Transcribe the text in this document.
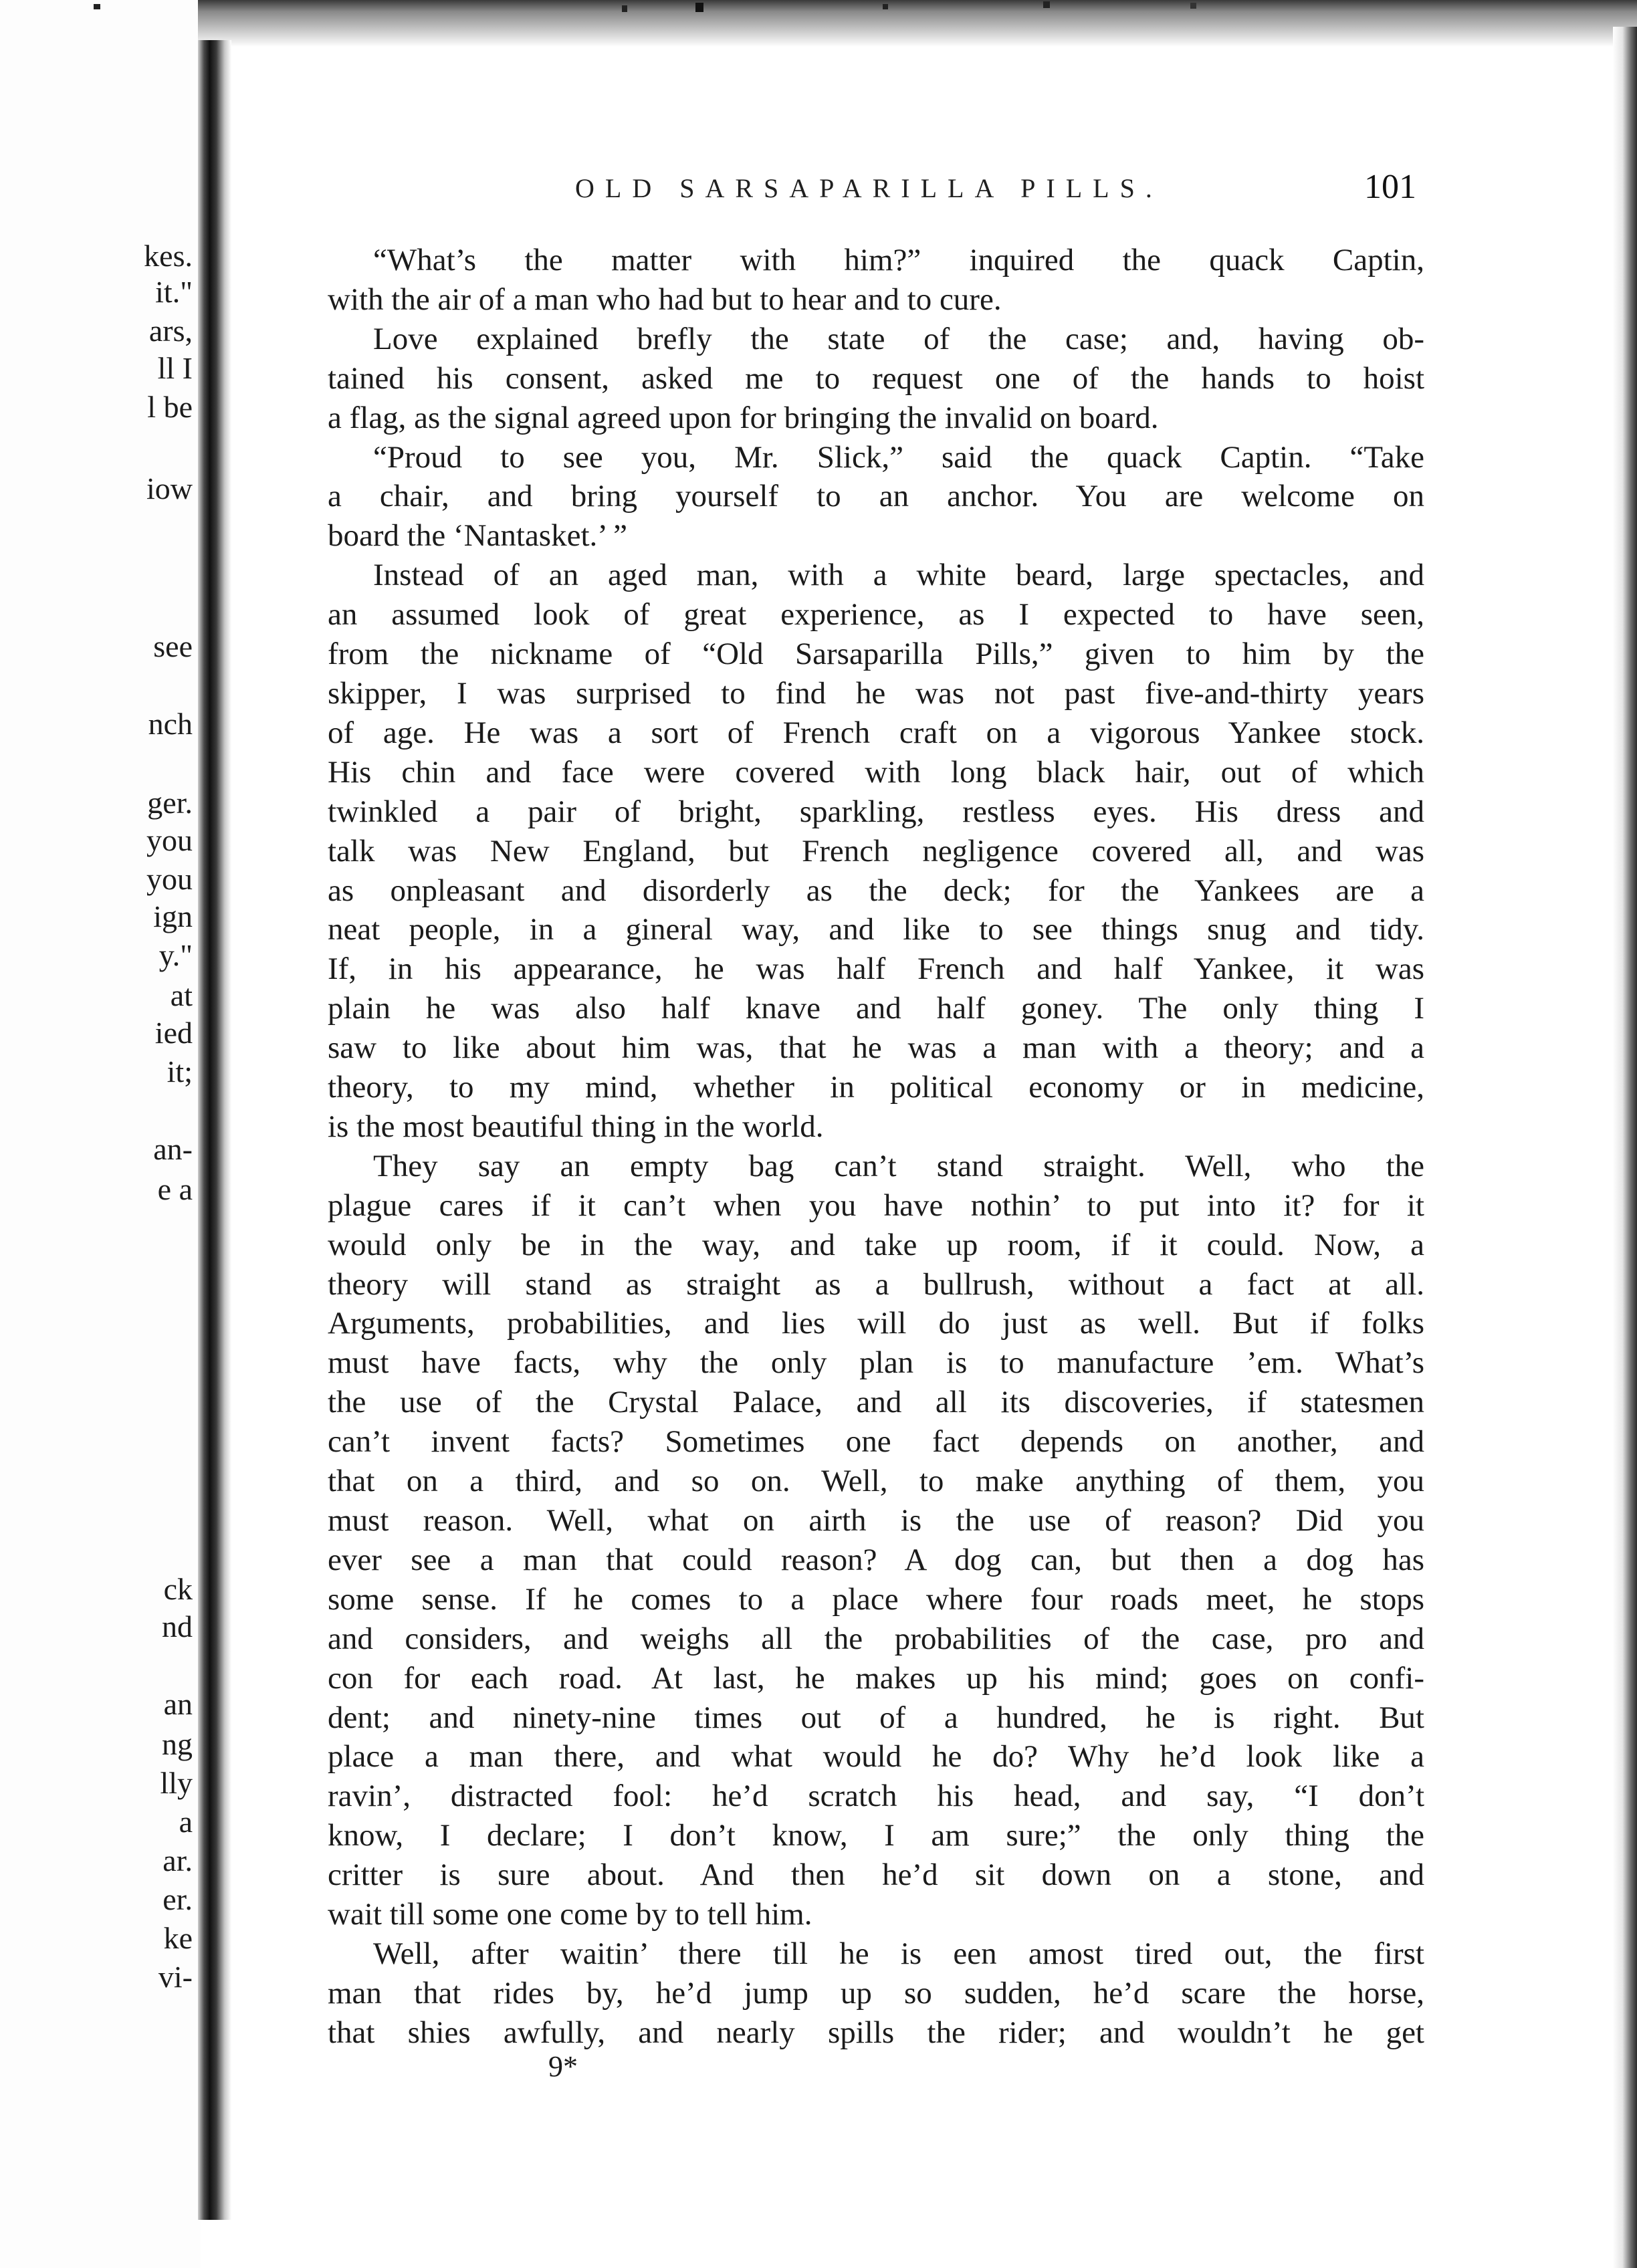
kes.
it."
ars,
ll I
l be
iow
see
nch
ger.
you
you
ign
y."
at
ied
it;
an-
e a
ck
nd
an
ng
lly
a
ar.
er.
ke
vi-
OLD SARSAPARILLA PILLS.	101
“What’s the matter with him?” inquired the quack Captin,
with the air of a man who had but to hear and to cure.
Love explained brefly the state of the case; and, having ob-
tained his consent, asked me to request one of the hands to hoist
a flag, as the signal agreed upon for bringing the invalid on board.
“Proud to see you, Mr. Slick,” said the quack Captin. “Take
a chair, and bring yourself to an anchor. You are welcome on
board the ‘Nantasket.’ ”
Instead of an aged man, with a white beard, large spectacles, and
an assumed look of great experience, as I expected to have seen,
from the nickname of “Old Sarsaparilla Pills,” given to him by the
skipper, I was surprised to find he was not past five-and-thirty years
of age. He was a sort of French craft on a vigorous Yankee stock.
His chin and face were covered with long black hair, out of which
twinkled a pair of bright, sparkling, restless eyes. His dress and
talk was New England, but French negligence covered all, and was
as onpleasant and disorderly as the deck; for the Yankees are a
neat people, in a gineral way, and like to see things snug and tidy.
If, in his appearance, he was half French and half Yankee, it was
plain he was also half knave and half goney. The only thing I
saw to like about him was, that he was a man with a theory; and a
theory, to my mind, whether in political economy or in medicine,
is the most beautiful thing in the world.
They say an empty bag can’t stand straight. Well, who the
plague cares if it can’t when you have nothin’ to put into it? for it
would only be in the way, and take up room, if it could. Now, a
theory will stand as straight as a bullrush, without a fact at all.
Arguments, probabilities, and lies will do just as well. But if folks
must have facts, why the only plan is to manufacture ’em. What’s
the use of the Crystal Palace, and all its discoveries, if statesmen
can’t invent facts? Sometimes one fact depends on another, and
that on a third, and so on. Well, to make anything of them, you
must reason. Well, what on airth is the use of reason? Did you
ever see a man that could reason? A dog can, but then a dog has
some sense. If he comes to a place where four roads meet, he stops
and considers, and weighs all the probabilities of the case, pro and
con for each road. At last, he makes up his mind; goes on confi-
dent; and ninety-nine times out of a hundred, he is right. But
place a man there, and what would he do? Why he’d look like a
ravin’, distracted fool: he’d scratch his head, and say, “I don’t
know, I declare; I don’t know, I am sure;” the only thing the
critter is sure about. And then he’d sit down on a stone, and
wait till some one come by to tell him.
Well, after waitin’ there till he is een amost tired out, the first
man that rides by, he’d jump up so sudden, he’d scare the horse,
that shies awfully, and nearly spills the rider; and wouldn’t he get
9*
